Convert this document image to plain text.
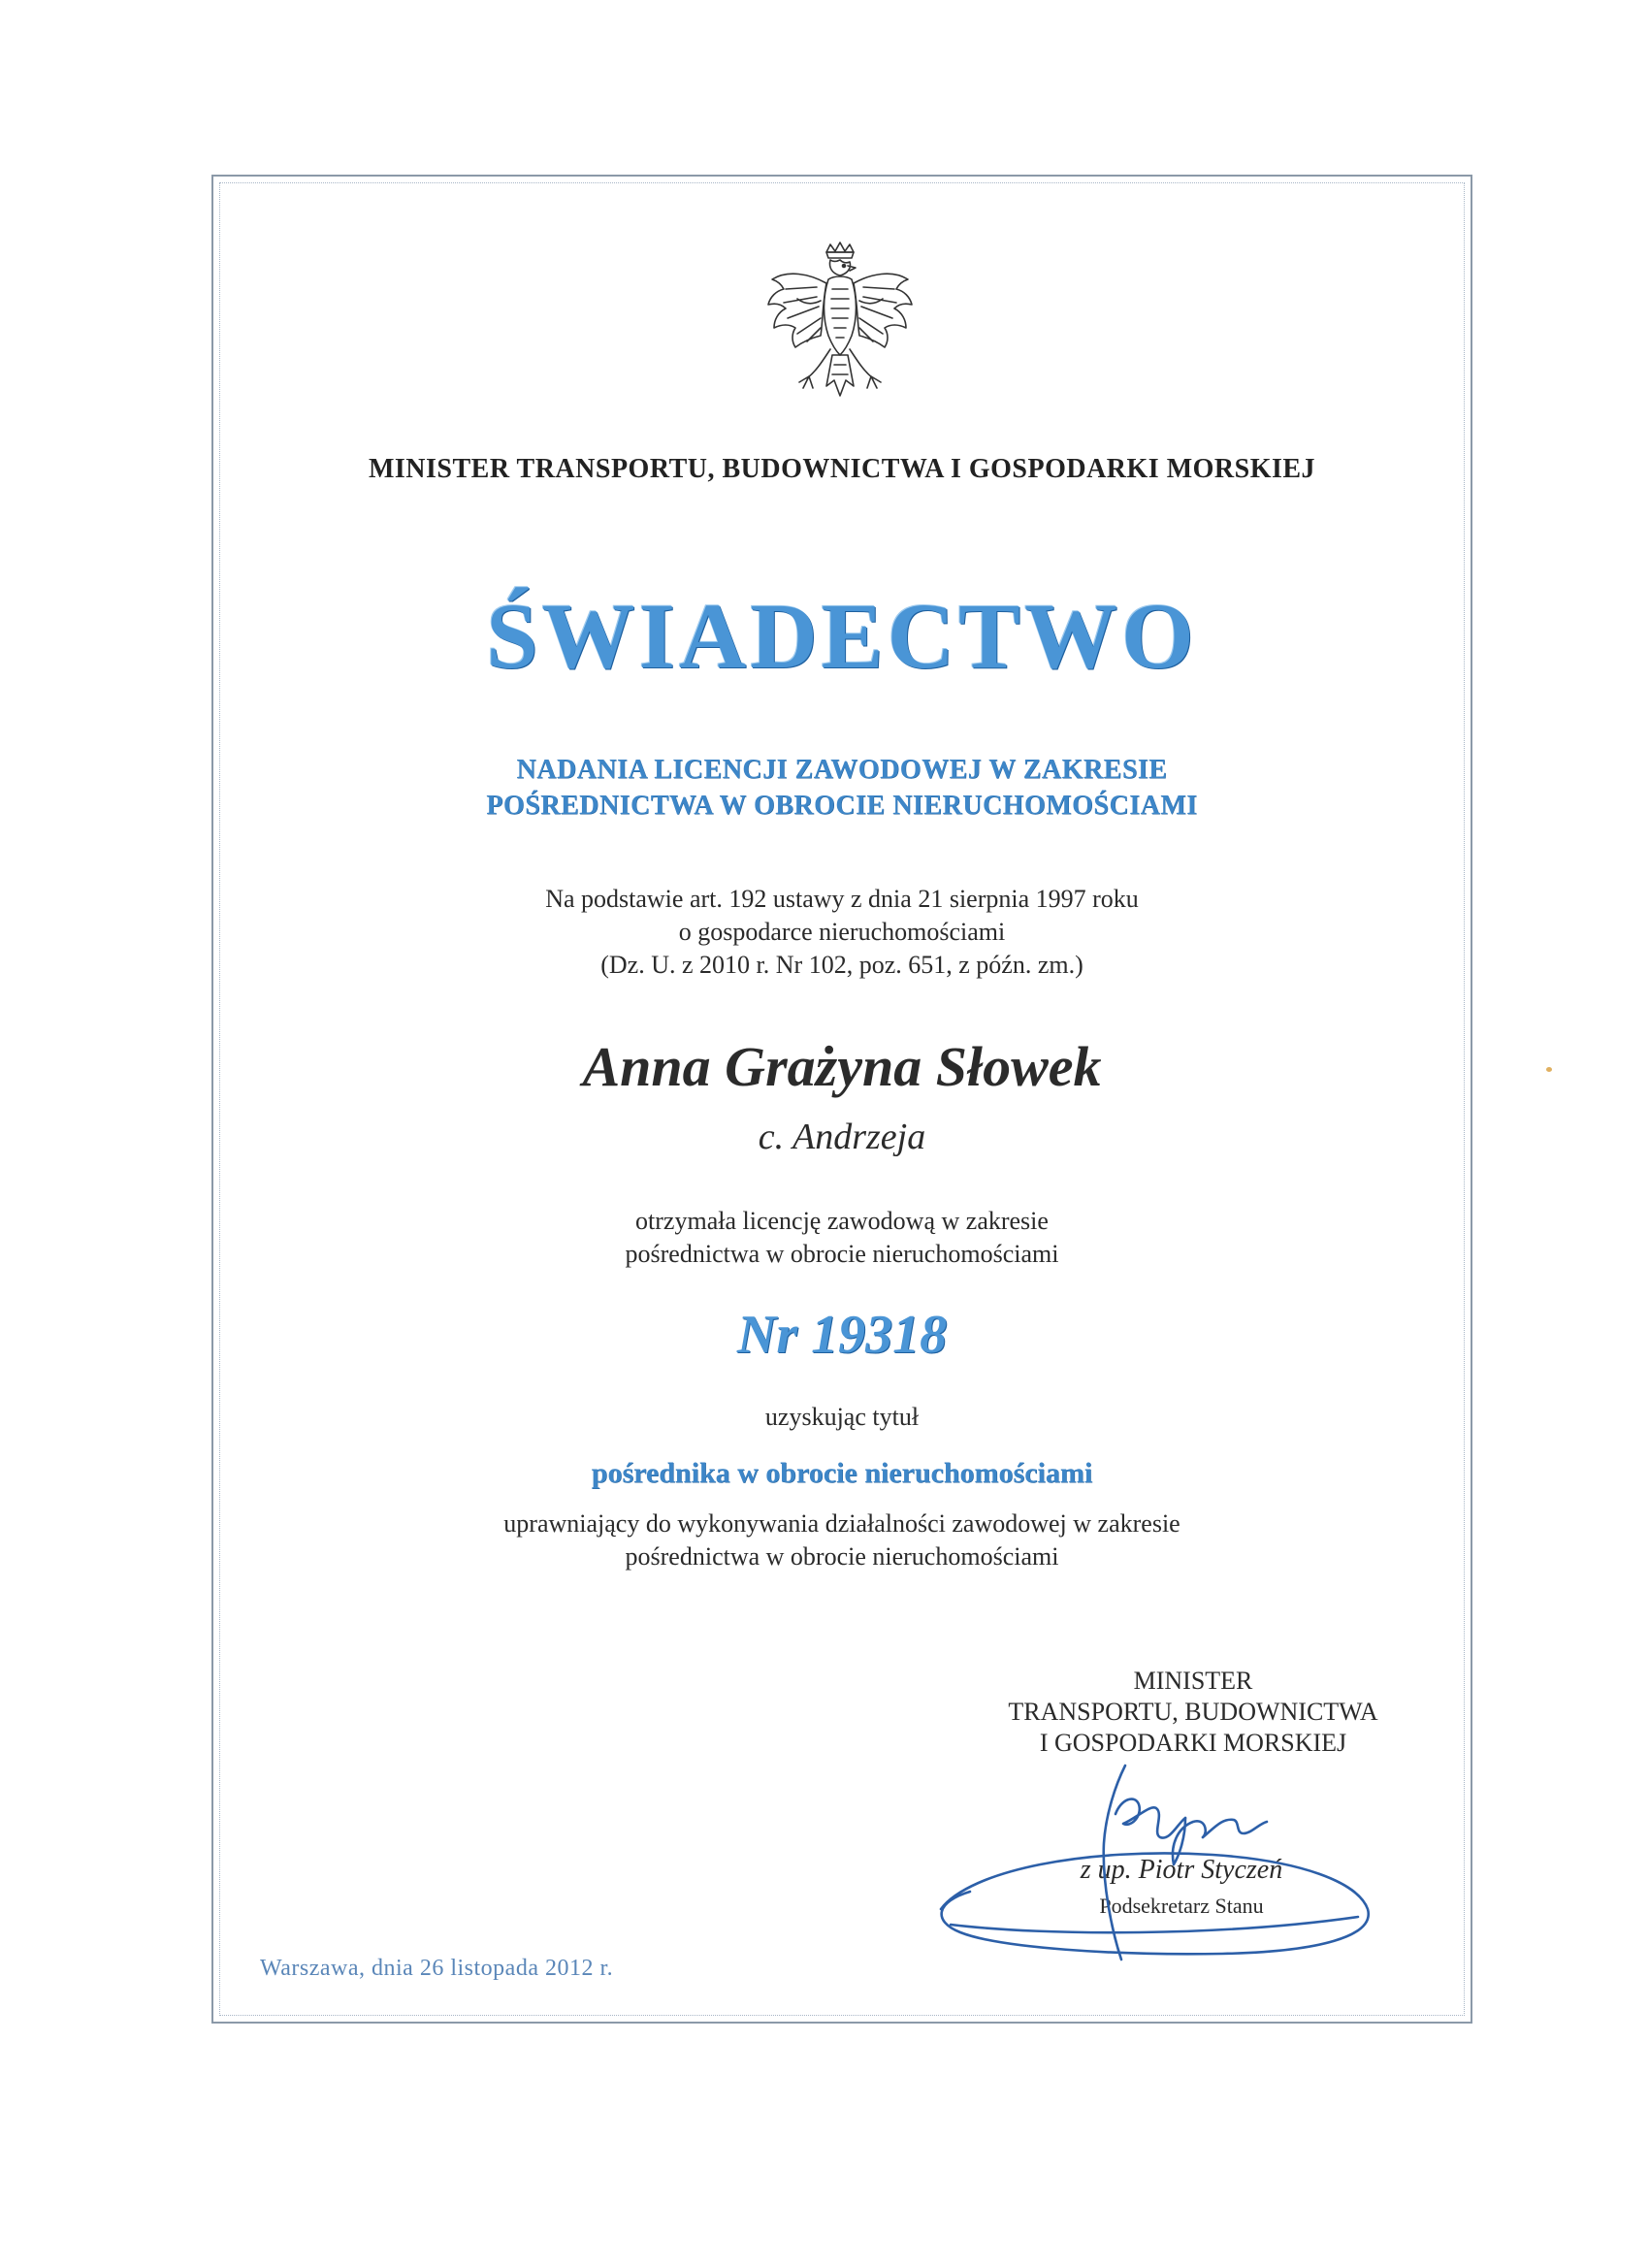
MINISTER TRANSPORTU, BUDOWNICTWA I GOSPODARKI MORSKIEJ

ŚWIADECTWO

NADANIA LICENCJI ZAWODOWEJ W ZAKRESIE

POŚREDNICTWA W OBROCIE NIERUCHOMOŚCIAMI

Na podstawie art. 192 ustawy z dnia 21 sierpnia 1997 roku

o gospodarce nieruchomościami

(Dz. U. z 2010 r. Nr 102, poz. 651, z późn. zm.)

Anna Grażyna Słowek

c. Andrzeja

otrzymała licencję zawodową w zakresie

pośrednictwa w obrocie nieruchomościami

Nr 19318

uzyskując tytuł

pośrednika w obrocie nieruchomościami

uprawniający do wykonywania działalności zawodowej w zakresie

pośrednictwa w obrocie nieruchomościami

MINISTER

TRANSPORTU, BUDOWNICTWA

I GOSPODARKI MORSKIEJ

z up. Piotr Styczeń

Podsekretarz Stanu

Warszawa, dnia 26 listopada 2012 r.
